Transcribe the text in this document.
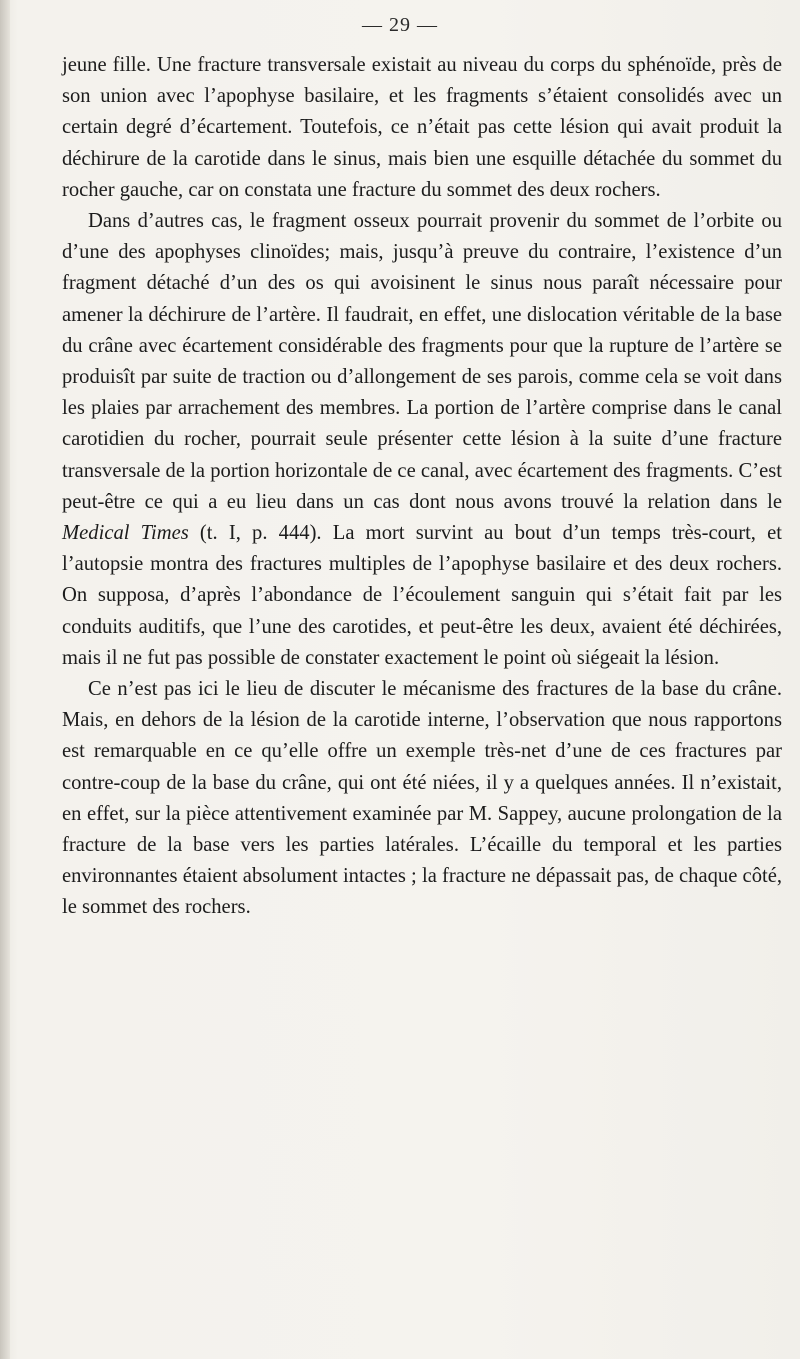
— 29 —

jeune fille. Une fracture transversale existait au niveau du corps du sphénoïde, près de son union avec l’apophyse basilaire, et les fragments s’étaient consolidés avec un certain degré d’écartement. Toutefois, ce n’était pas cette lésion qui avait produit la déchirure de la carotide dans le sinus, mais bien une esquille détachée du sommet du rocher gauche, car on constata une fracture du sommet des deux rochers.

Dans d’autres cas, le fragment osseux pourrait provenir du sommet de l’orbite ou d’une des apophyses clinoïdes; mais, jusqu’à preuve du contraire, l’existence d’un fragment détaché d’un des os qui avoisinent le sinus nous paraît nécessaire pour amener la déchirure de l’artère. Il faudrait, en effet, une dislocation véritable de la base du crâne avec écartement considérable des fragments pour que la rupture de l’artère se produisît par suite de traction ou d’allongement de ses parois, comme cela se voit dans les plaies par arrachement des membres. La portion de l’artère comprise dans le canal carotidien du rocher, pourrait seule présenter cette lésion à la suite d’une fracture transversale de la portion horizontale de ce canal, avec écartement des fragments. C’est peut-être ce qui a eu lieu dans un cas dont nous avons trouvé la relation dans le Medical Times (t. I, p. 444). La mort survint au bout d’un temps très-court, et l’autopsie montra des fractures multiples de l’apophyse basilaire et des deux rochers. On supposa, d’après l’abondance de l’écoulement sanguin qui s’était fait par les conduits auditifs, que l’une des carotides, et peut-être les deux, avaient été déchirées, mais il ne fut pas possible de constater exactement le point où siégeait la lésion.

Ce n’est pas ici le lieu de discuter le mécanisme des fractures de la base du crâne. Mais, en dehors de la lésion de la carotide interne, l’observation que nous rapportons est remarquable en ce qu’elle offre un exemple très-net d’une de ces fractures par contre-coup de la base du crâne, qui ont été niées, il y a quelques années. Il n’existait, en effet, sur la pièce attentivement examinée par M. Sappey, aucune prolongation de la fracture de la base vers les parties latérales. L’écaille du temporal et les parties environnantes étaient absolument intactes ; la fracture ne dépassait pas, de chaque côté, le sommet des rochers.
